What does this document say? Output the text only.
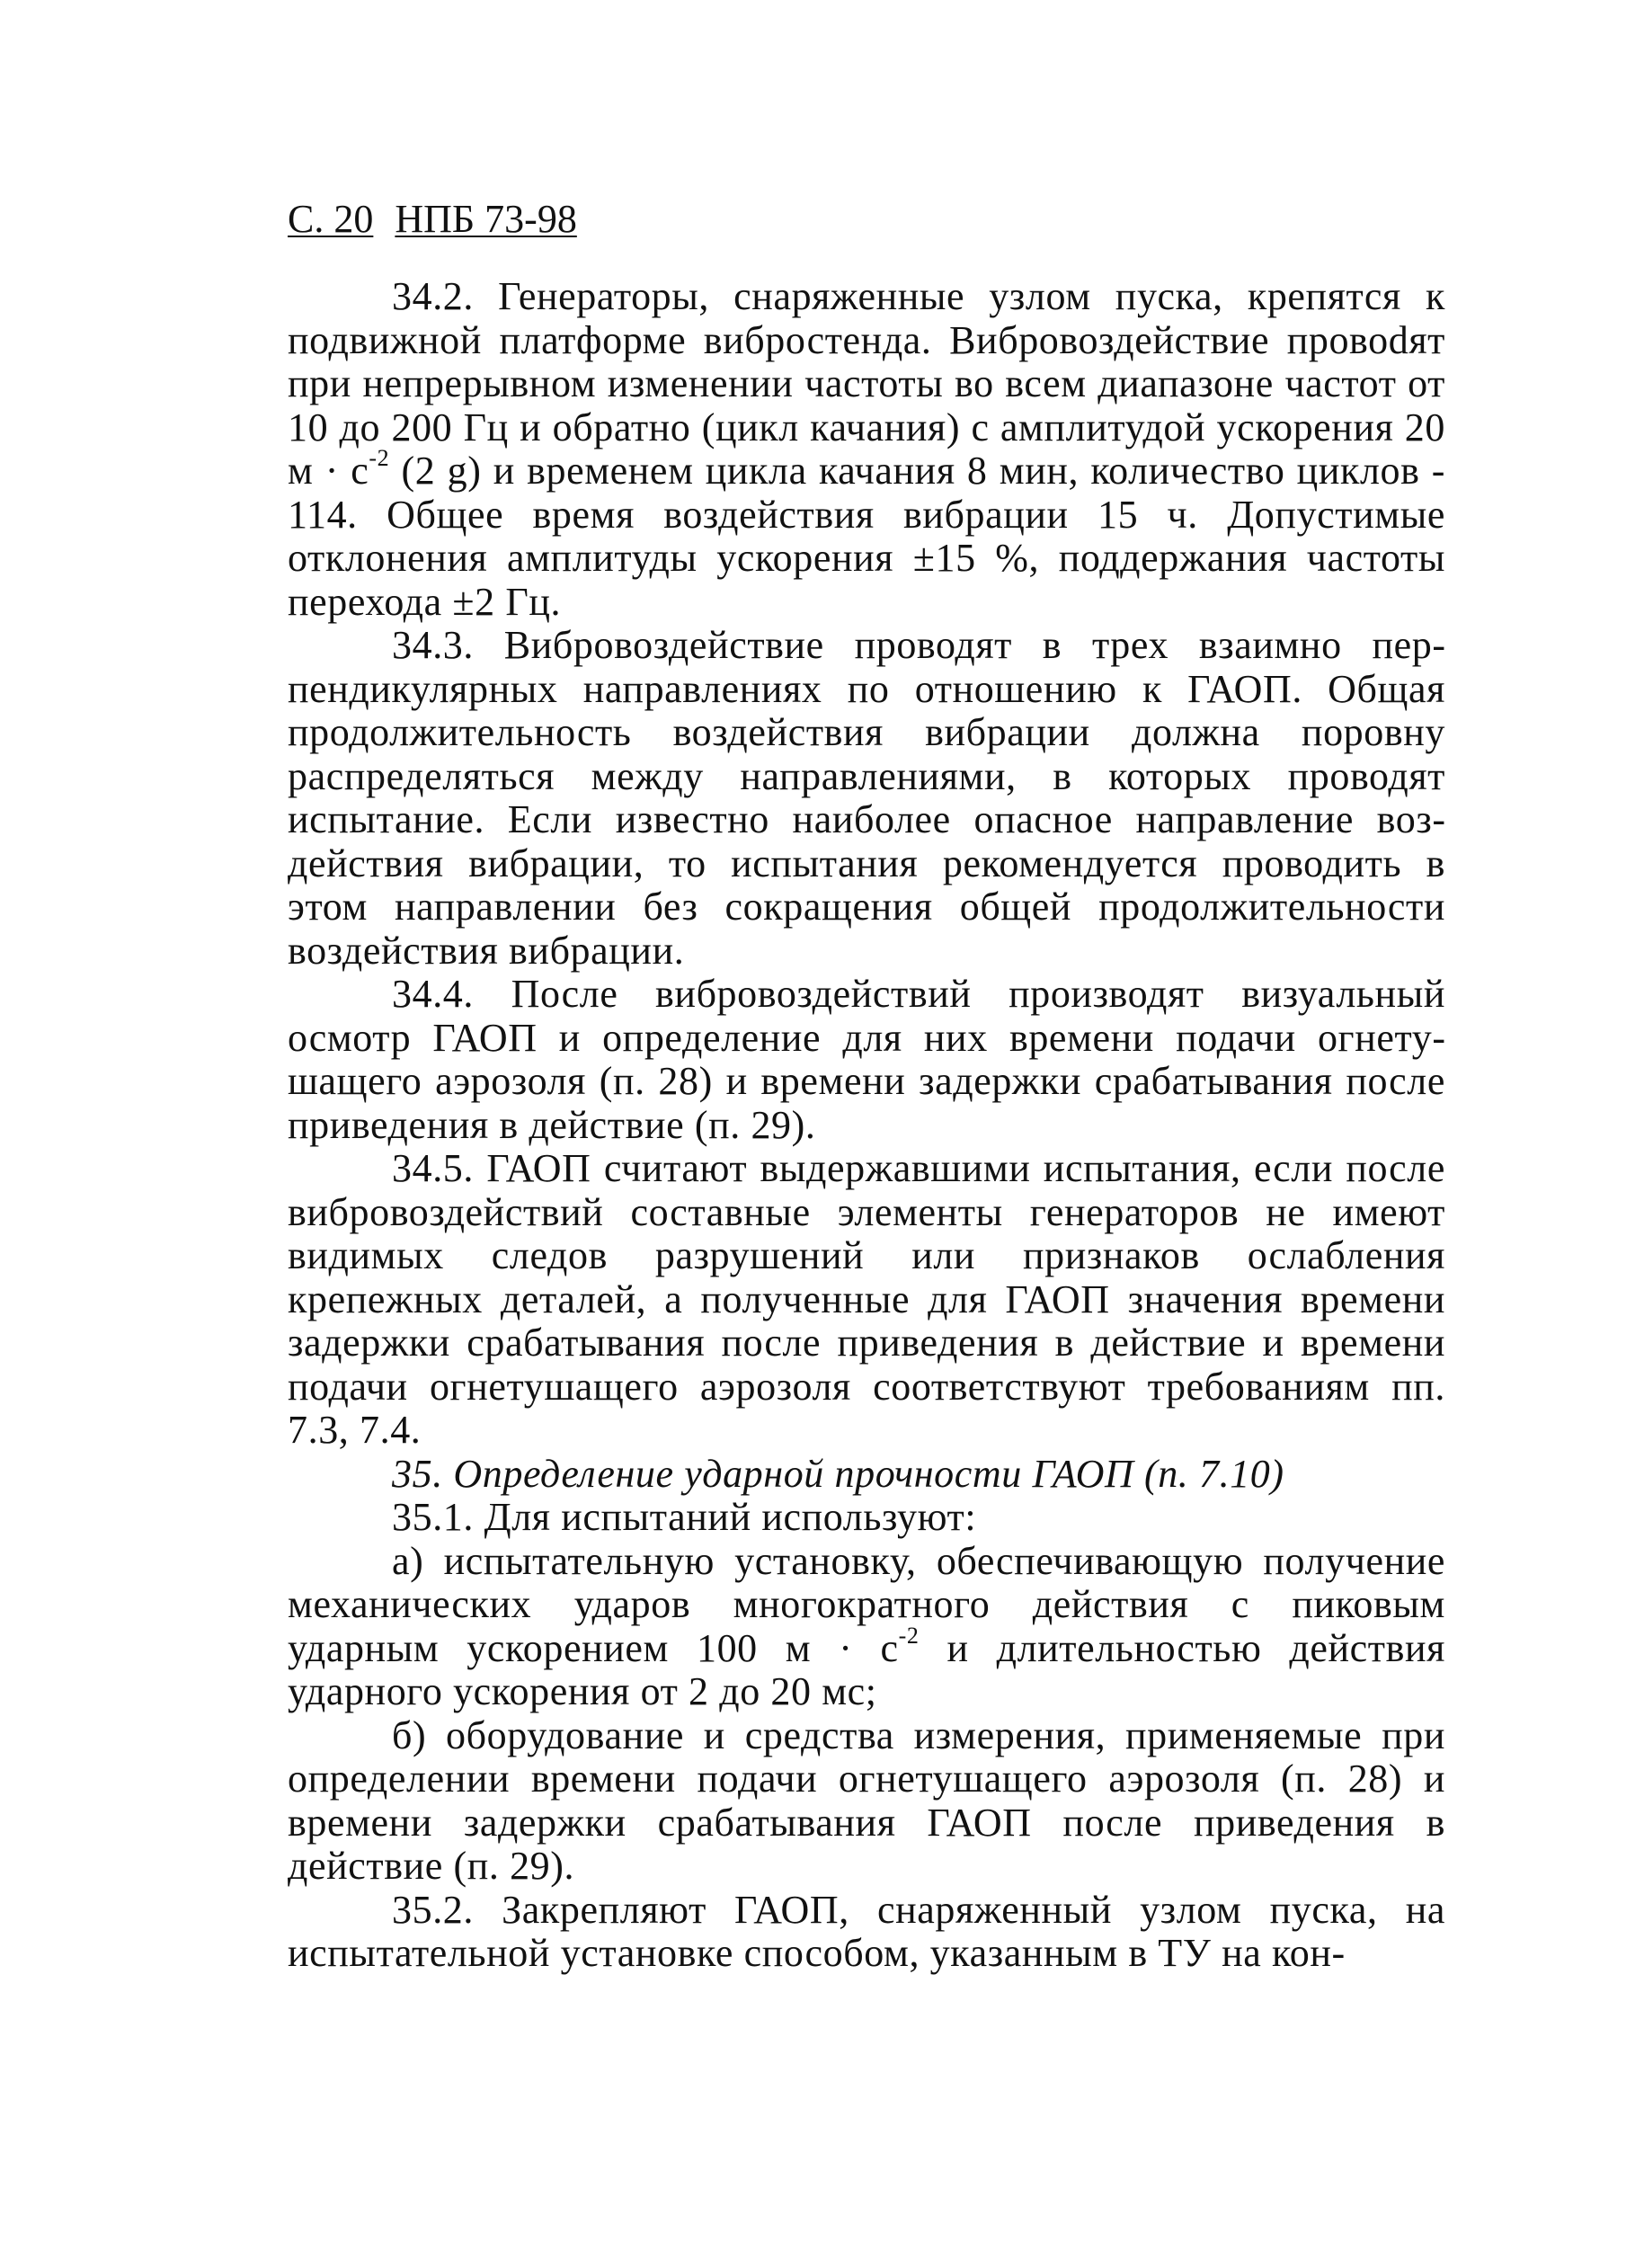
С. 20 НПБ 73-98

34.2. Генераторы, снаряженные узлом пуска, крепятся к подвижной платформе вибростенда. Вибровоздействие провоdят при непрерывном изменении частоты во всем диапазоне частот от 10 до 200 Гц и обратно (цикл качания) с амплитудой ускорения 20 $м \cdot с^{-2}$ (2 g) и временем цикла качания 8 мин, количество циклов - 114. Общее время воздействия вибрации 15 ч. Допустимые отклонения амплитуды ускорения ±15 %, поддержания частоты перехода ±2 Гц.

34.3. Вибровоздействие проводят в трех взаимно перпендикулярных направлениях по отношению к ГАОП. Общая продолжительность воздействия вибрации должна поровну распределяться между направлениями, в которых проводят испытание. Если известно наиболее опасное направление воздействия вибрации, то испытания рекомендуется проводить в этом направлении без сокращения общей продолжительности воздействия вибрации.

34.4. После вибровоздействий производят визуальный осмотр ГАОП и определение для них времени подачи огнетушащего аэрозоля (п. 28) и времени задержки срабатывания после приведения в действие (п. 29).

34.5. ГАОП считают выдержавшими испытания, если после вибровоздействий составные элементы генераторов не имеют видимых следов разрушений или признаков ослабления крепежных деталей, а полученные для ГАОП значения времени задержки срабатывания после приведения в действие и времени подачи огнетушащего аэрозоля соответствуют требованиям пп. 7.3, 7.4.

35. Определение ударной прочности ГАОП (п. 7.10)

35.1. Для испытаний используют:

а) испытательную установку, обеспечивающую получение механических ударов многократного действия с пиковым ударным ускорением 100 $м \cdot с^{-2}$ и длительностью действия ударного ускорения от 2 до 20 мс;

б) оборудование и средства измерения, применяемые при определении времени подачи огнетушащего аэрозоля (п. 28) и времени задержки срабатывания ГАОП после приведения в действие (п. 29).

35.2. Закрепляют ГАОП, снаряженный узлом пуска, на испытательной установке способом, указанным в ТУ на кон-
